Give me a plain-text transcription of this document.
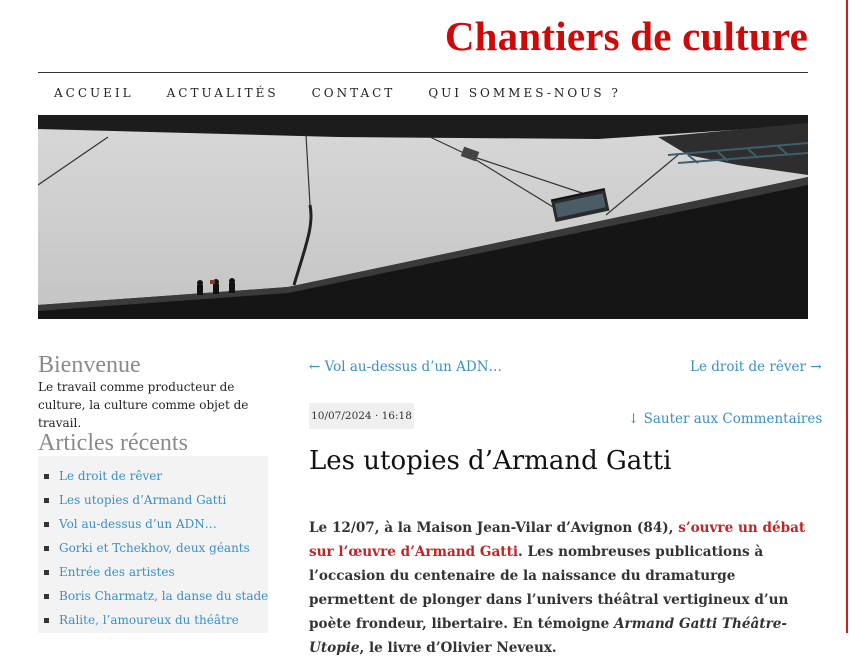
Chantiers de culture
ACCUEIL	ACTUALITÉS	CONTACT	QUI SOMMES-NOUS ?
Bienvenue
Le travail comme producteur de culture, la culture comme objet de travail.
Articles récents
Le droit de rêver
Les utopies d’Armand Gatti
Vol au-dessus d’un ADN…
Gorki et Tchekhov, deux géants
Entrée des artistes
Boris Charmatz, la danse du stade
Ralite, l’amoureux du théâtre
← Vol au-dessus d’un ADN…	Le droit de rêver →
10/07/2024 · 16:18	↓ Sauter aux Commentaires
Les utopies d’Armand Gatti
Le 12/07, à la Maison Jean-Vilar d’Avignon (84), s’ouvre un débat sur l’œuvre d’Armand Gatti. Les nombreuses publications à l’occasion du centenaire de la naissance du dramaturge permettent de plonger dans l’univers théâtral vertigineux d’un poète frondeur, libertaire. En témoigne Armand Gatti Théâtre-Utopie, le livre d’Olivier Neveux.
